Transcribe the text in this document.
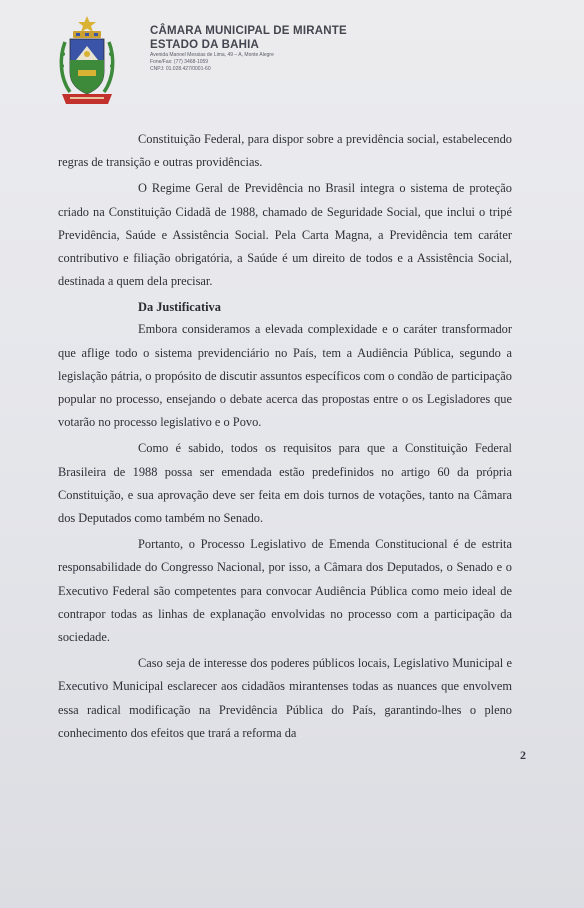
CÂMARA MUNICIPAL DE MIRANTE
ESTADO DA BAHIA
Avenida Manoel Messias de Lima, 49 – A, Monte Alegre
Fone/Fax: (77) 3468-1059
CNPJ: 01.028.427/0001-60

Constituição Federal, para dispor sobre a previdência social, estabelecendo regras de transição e outras providências.

O Regime Geral de Previdência no Brasil integra o sistema de proteção criado na Constituição Cidadã de 1988, chamado de Seguridade Social, que inclui o tripé Previdência, Saúde e Assistência Social. Pela Carta Magna, a Previdência tem caráter contributivo e filiação obrigatória, a Saúde é um direito de todos e a Assistência Social, destinada a quem dela precisar.

Da Justificativa

Embora consideramos a elevada complexidade e o caráter transformador que aflige todo o sistema previdenciário no País, tem a Audiência Pública, segundo a legislação pátria, o propósito de discutir assuntos específicos com o condão de participação popular no processo, ensejando o debate acerca das propostas entre o os Legisladores que votarão no processo legislativo e o Povo.

Como é sabido, todos os requisitos para que a Constituição Federal Brasileira de 1988 possa ser emendada estão predefinidos no artigo 60 da própria Constituição, e sua aprovação deve ser feita em dois turnos de votações, tanto na Câmara dos Deputados como também no Senado.

Portanto, o Processo Legislativo de Emenda Constitucional é de estrita responsabilidade do Congresso Nacional, por isso, a Câmara dos Deputados, o Senado e o Executivo Federal são competentes para convocar Audiência Pública como meio ideal de contrapor todas as linhas de explanação envolvidas no processo com a participação da sociedade.

Caso seja de interesse dos poderes públicos locais, Legislativo Municipal e Executivo Municipal esclarecer aos cidadãos mirantenses todas as nuances que envolvem essa radical modificação na Previdência Pública do País, garantindo-lhes o pleno conhecimento dos efeitos que trará a reforma da

2
